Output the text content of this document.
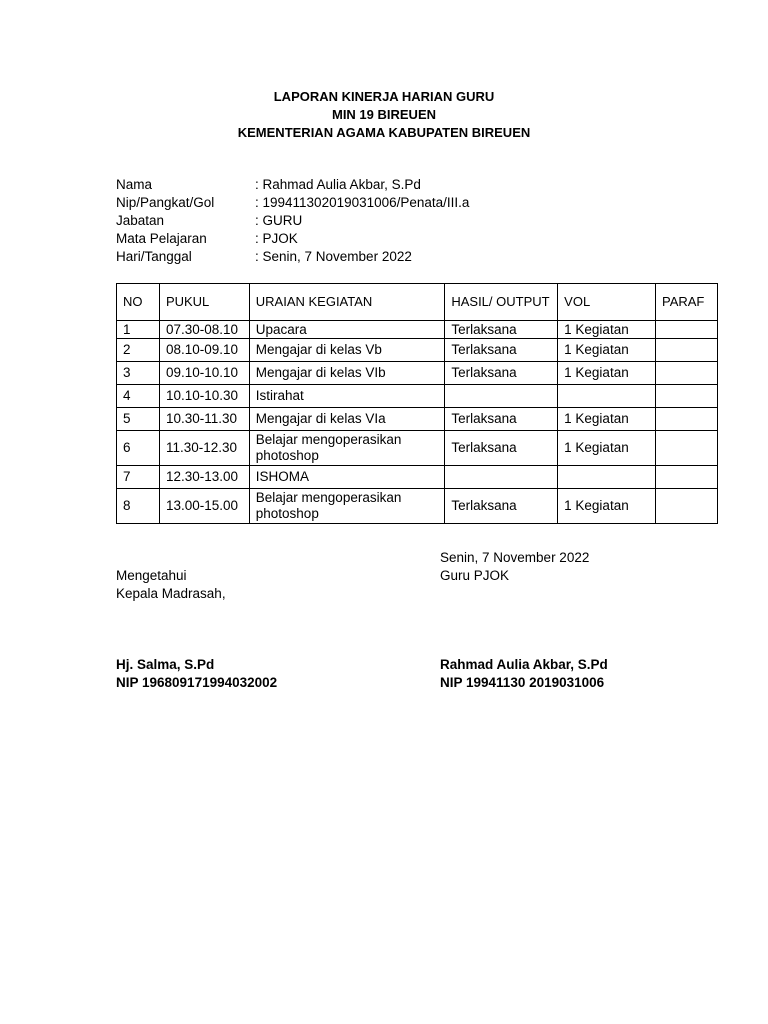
LAPORAN KINERJA HARIAN GURU
MIN 19 BIREUEN
KEMENTERIAN AGAMA KABUPATEN BIREUEN
Nama	: Rahmad Aulia Akbar, S.Pd
Nip/Pangkat/Gol	: 199411302019031006/Penata/III.a
Jabatan	: GURU
Mata Pelajaran	: PJOK
Hari/Tanggal	: Senin, 7 November 2022
NO	PUKUL	URAIAN KEGIATAN	HASIL/ OUTPUT	VOL	PARAF
1	07.30-08.10	Upacara	Terlaksana	1 Kegiatan	
2	08.10-09.10	Mengajar di kelas Vb	Terlaksana	1 Kegiatan	
3	09.10-10.10	Mengajar di kelas VIb	Terlaksana	1 Kegiatan	
4	10.10-10.30	Istirahat			
5	10.30-11.30	Mengajar di kelas VIa	Terlaksana	1 Kegiatan	
6	11.30-12.30	Belajar mengoperasikan photoshop	Terlaksana	1 Kegiatan	
7	12.30-13.00	ISHOMA			
8	13.00-15.00	Belajar mengoperasikan photoshop	Terlaksana	1 Kegiatan	
Senin, 7 November 2022
Guru PJOK
Mengetahui
Kepala Madrasah,
Hj. Salma, S.Pd
NIP 196809171994032002
Rahmad Aulia Akbar, S.Pd
NIP 19941130 2019031006
